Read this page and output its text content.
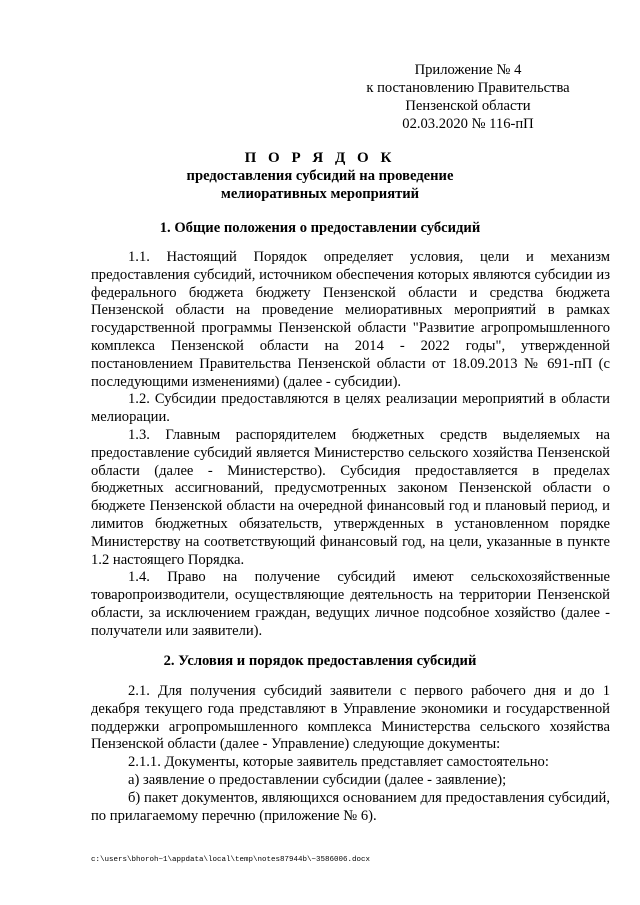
Приложение № 4
к постановлению Правительства
Пензенской области
02.03.2020 № 116-пП
П О Р Я Д О К
предоставления субсидий на проведение
мелиоративных мероприятий
1. Общие положения о предоставлении субсидий

1.1. Настоящий Порядок определяет условия, цели и механизм предоставления субсидий, источником обеспечения которых являются субсидии из федерального бюджета бюджету Пензенской области и средства бюджета Пензенской области на проведение мелиоративных мероприятий в рамках государственной программы Пензенской области "Развитие агропромышленного комплекса Пензенской области на 2014 - 2022 годы", утвержденной постановлением Правительства Пензенской области от 18.09.2013 № 691-пП (с последующими изменениями) (далее - субсидии).

1.2. Субсидии предоставляются в целях реализации мероприятий в области мелиорации.

1.3. Главным распорядителем бюджетных средств выделяемых на предоставление субсидий является Министерство сельского хозяйства Пензенской области (далее - Министерство). Субсидия предоставляется в пределах бюджетных ассигнований, предусмотренных законом Пензенской области о бюджете Пензенской области на очередной финансовый год и плановый период, и лимитов бюджетных обязательств, утвержденных в установленном порядке Министерству на соответствующий финансовый год, на цели, указанные в пункте 1.2 настоящего Порядка.

1.4. Право на получение субсидий имеют сельскохозяйственные товаропроизводители, осуществляющие деятельность на территории Пензенской области, за исключением граждан, ведущих личное подсобное хозяйство (далее - получатели или заявители).

2. Условия и порядок предоставления субсидий

2.1. Для получения субсидий заявители с первого рабочего дня и до 1 декабря текущего года представляют в Управление экономики и государственной поддержки агропромышленного комплекса Министерства сельского хозяйства Пензенской области (далее - Управление) следующие документы:

2.1.1. Документы, которые заявитель представляет самостоятельно:

а) заявление о предоставлении субсидии (далее - заявление);

б) пакет документов, являющихся основанием для предоставления субсидий, по прилагаемому перечню (приложение № 6).

c:\users\bhoroh~1\appdata\local\temp\notes87944b\~3586006.docx
